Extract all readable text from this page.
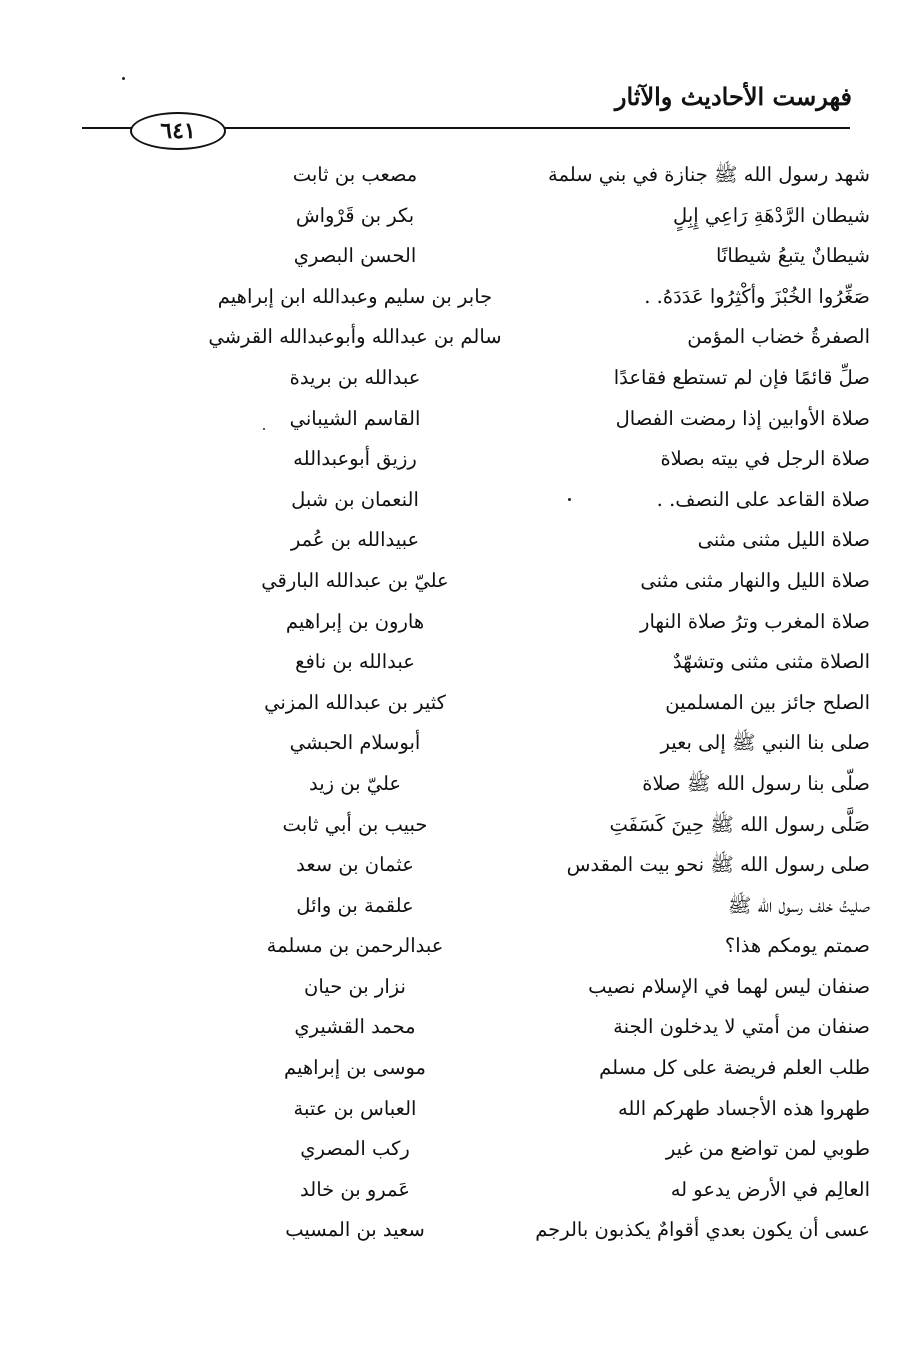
فهرست الأحاديث والآثار
٦٤١
شهد رسول الله ﷺ جنازة في بني سلمة
مصعب بن ثابت
شيطان الرَّدْهَةِ رَاعِي إِبِلٍ
بكر بن قَرْواش
شيطانٌ يتبعُ شيطانًا
الحسن البصري
صَغِّرُوا الخُبْزَ وأكْثِرُوا عَدَدَهُ. .
جابر بن سليم وعبدالله ابن إبراهيم
الصفرةُ خضاب المؤمن
سالم بن عبدالله وأبوعبدالله القرشي
صلِّ قائمًا فإن لم تستطع فقاعدًا
عبدالله بن بريدة
صلاة الأوابين إذا رمضت الفصال
القاسم الشيباني
صلاة الرجل في بيته بصلاة
رزيق أبوعبدالله
صلاة القاعد على النصف. .
النعمان بن شبل
صلاة الليل مثنى مثنى
عبيدالله بن عُمر
صلاة الليل والنهار مثنى مثنى
عليّ بن عبدالله البارقي
صلاة المغرب وترُ صلاة النهار
هارون بن إبراهيم
الصلاة مثنى مثنى وتشهّدٌ
عبدالله بن نافع
الصلح جائز بين المسلمين
كثير بن عبدالله المزني
صلى بنا النبي ﷺ إلى بعير
أبوسلام الحبشي
صلّى بنا رسول الله ﷺ صلاة
عليّ بن زيد
صَلَّى رسول الله ﷺ حِينَ كَسَفَتِ
حبيب بن أبي ثابت
صلى رسول الله ﷺ نحو بيت المقدس
عثمان بن سعد
صليتُ خلف رسول الله ﷺ
علقمة بن وائل
صمتم يومكم هذا؟
عبدالرحمن بن مسلمة
صنفان ليس لهما في الإسلام نصيب
نزار بن حيان
صنفان من أمتي لا يدخلون الجنة
محمد القشيري
طلب العلم فريضة على كل مسلم
موسى بن إبراهيم
طهروا هذه الأجساد طهركم الله
العباس بن عتبة
طوبي لمن تواضع من غير
ركب المصري
العالِم في الأرض يدعو له
عَمرو بن خالد
عسى أن يكون بعدي أقوامٌ يكذبون بالرجم
سعيد بن المسيب
